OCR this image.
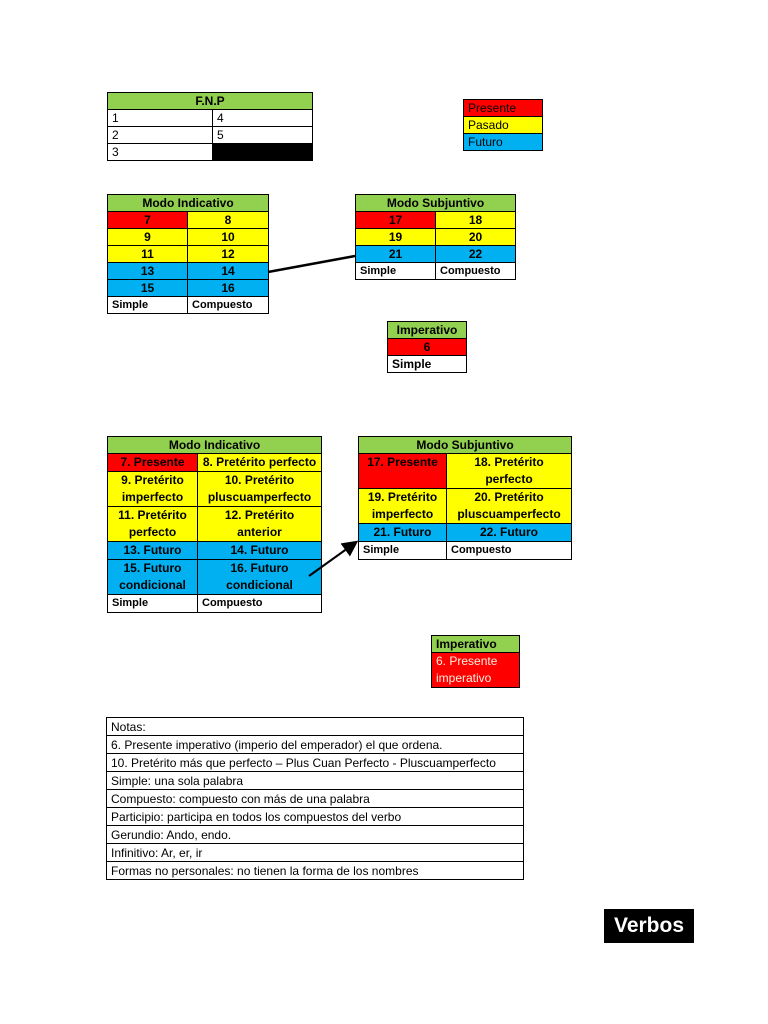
F.N.P	
1	4
2	5
3	
Presente
Pasado
Futuro
Modo Indicativo	
7	8
9	10
11	12
13	14
15	16
Simple	Compuesto
Modo Subjuntivo	
17	18
19	20
21	22
Simple	Compuesto
Imperativo
6
Simple
Modo Indicativo	
7. Presente	8. Pretérito perfecto
9. Pretérito imperfecto	10. Pretérito pluscuamperfecto
11. Pretérito perfecto	12. Pretérito anterior
13. Futuro	14. Futuro
15. Futuro condicional	16. Futuro condicional
Simple	Compuesto
Modo Subjuntivo	
17. Presente	18. Pretérito perfecto
19. Pretérito imperfecto	20. Pretérito pluscuamperfecto
21. Futuro	22. Futuro
Simple	Compuesto
Imperativo
6. Presente imperativo
Notas:
6. Presente imperativo (imperio del emperador) el que ordena.
10. Pretérito más que perfecto – Plus Cuan Perfecto - Pluscuamperfecto
Simple: una sola palabra
Compuesto: compuesto con más de una palabra
Participio: participa en todos los compuestos del verbo
Gerundio: Ando, endo.
Infinitivo: Ar, er, ir
Formas no personales: no tienen la forma de los nombres
Verbos
